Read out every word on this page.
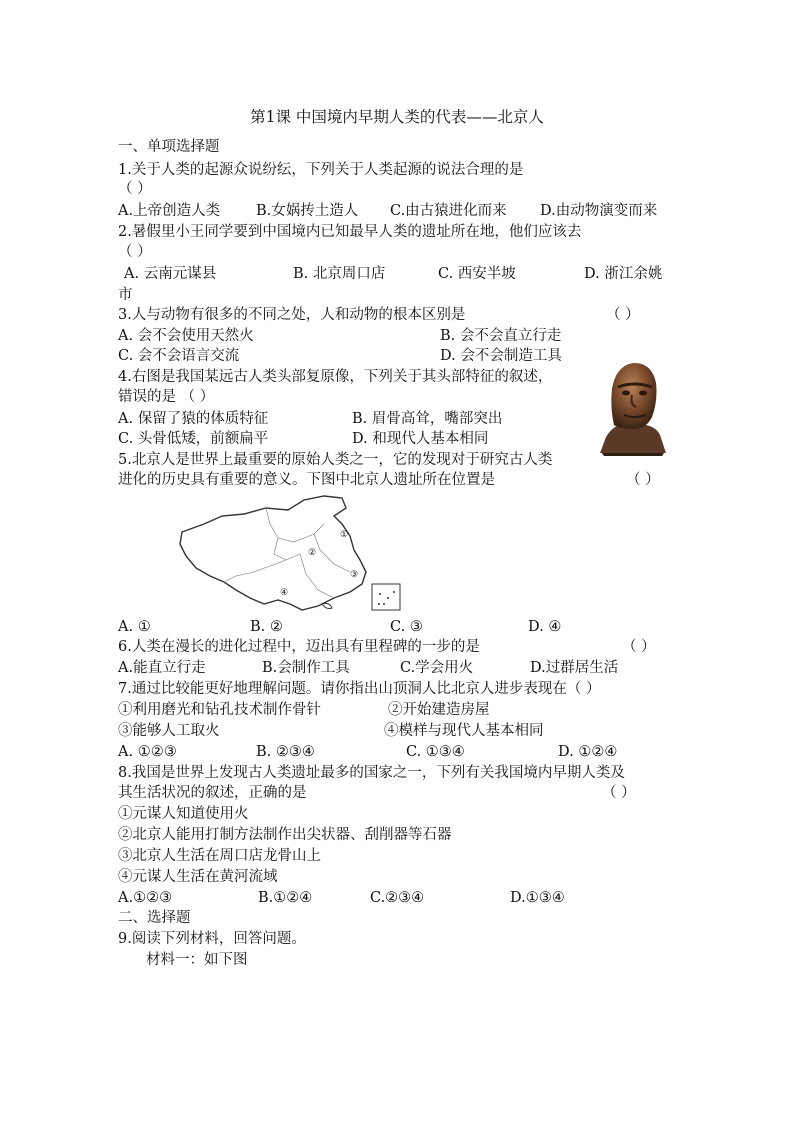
第1课 中国境内早期人类的代表——北京人
一、单项选择题
1.关于人类的起源众说纷纭，下列关于人类起源的说法合理的是
（ ）
A.上帝创造人类 B.女娲抟土造人 C.由古猿进化而来 D.由动物演变而来
2.暑假里小王同学要到中国境内已知最早人类的遗址所在地，他们应该去
（ ）
A. 云南元谋县	B. 北京周口店	C. 西安半坡	D. 浙江余姚
市
3.人与动物有很多的不同之处，人和动物的根本区别是	（ ）
A. 会不会使用天然火	B. 会不会直立行走
C. 会不会语言交流	D. 会不会制造工具
4.右图是我国某远古人类头部复原像，下列关于其头部特征的叙述，
错误的是 （ ）
A. 保留了猿的体质特征	B. 眉骨高耸，嘴部突出
C. 头骨低矮，前额扁平	D. 和现代人基本相同
5.北京人是世界上最重要的原始人类之一，它的发现对于研究古人类
进化的历史具有重要的意义。下图中北京人遗址所在位置是	（ ）
①
②
③
④
A. ①	B. ②	C. ③	D. ④
6.人类在漫长的进化过程中，迈出具有里程碑的一步的是	（ ）
A.能直立行走	B.会制作工具	C.学会用火	D.过群居生活
7.通过比较能更好地理解问题。请你指出山顶洞人比北京人进步表现在（ ）
①利用磨光和钻孔技术制作骨针	②开始建造房屋
③能够人工取火	④模样与现代人基本相同
A. ①②③	B. ②③④	C. ①③④	D. ①②④
8.我国是世界上发现古人类遗址最多的国家之一，下列有关我国境内早期人类及
其生活状况的叙述，正确的是	（ ）
①元谋人知道使用火
②北京人能用打制方法制作出尖状器、刮削器等石器
③北京人生活在周口店龙骨山上
④元谋人生活在黄河流域
A.①②③	B.①②④	C.②③④	D.①③④
二、选择题
9.阅读下列材料，回答问题。
材料一：如下图
